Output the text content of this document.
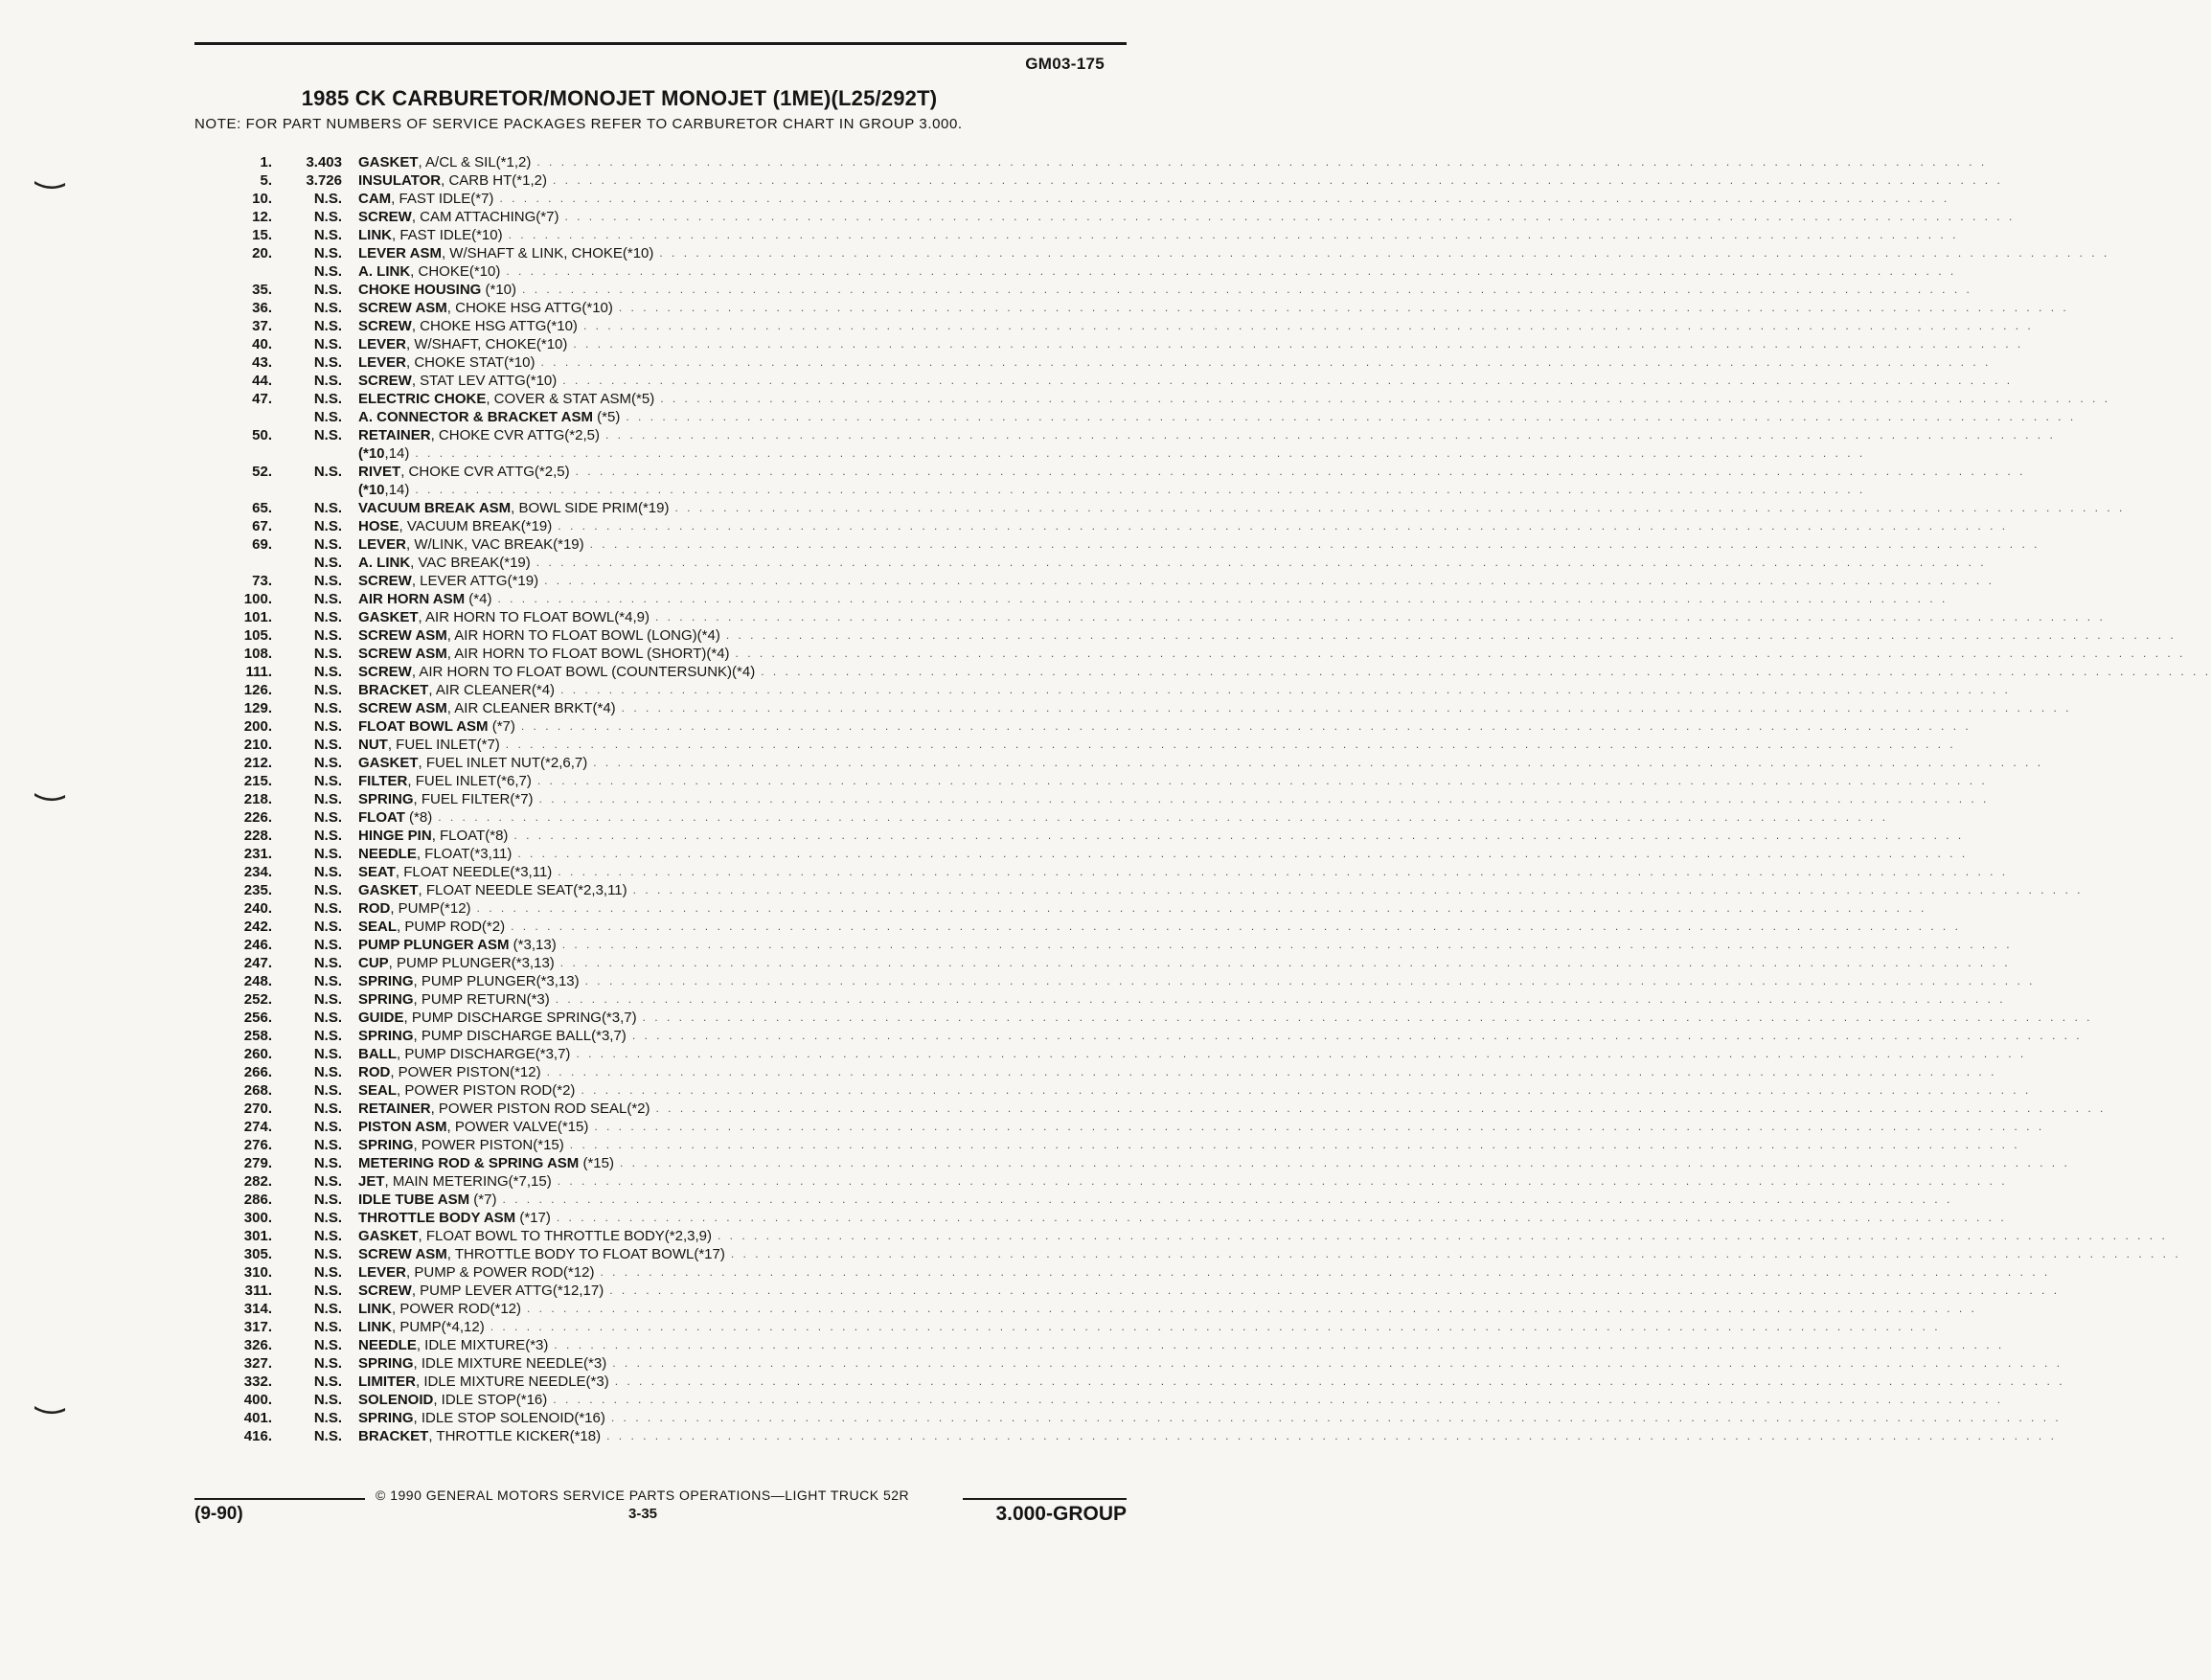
GM03-175
1985 CK CARBURETOR/MONOJET MONOJET (1ME)(L25/292T)
NOTE: FOR PART NUMBERS OF SERVICE PACKAGES REFER TO CARBURETOR CHART IN GROUP 3.000.
1. 3.403 GASKET, A/CL & SIL(*1,2) . . . . . . . . . . . . . . . . . . . . . . . . . . . . . . . . . . . . . . . . . . . . . . . . . . . . . . . . . . . . . . . . . . . . . . . . . . . . . . . . . . . . . . . . . . . . . . . . . . . . . . . . . . . . . . . . . . . . . . . .
5. 3.726 INSULATOR, CARB HT(*1,2) . . . . . . . . . . . . . . . . . . . . . . . . . . . . . . . . . . . . . . . . . . . . . . . . . . . . . . . . . . . . . . . . . . . . . . . . . . . . . . . . . . . . . . . . . . . . . . . . . . . . . . . . . . . . . . . . . . . . . . . .
10.	N.S. CAM, FAST IDLE(*7) . . . . . . . . . . . . . . . . . . . . . . . . . . . . . . . . . . . . . . . . . . . . . . . . . . . . . . . . . . . . . . . . . . . . . . . . . . . . . . . . . . . . . . . . . . . . . . . . . . . . . . . . . . . . . . . . . . . . . . . .
12.	N.S. SCREW, CAM ATTACHING(*7) . . . . . . . . . . . . . . . . . . . . . . . . . . . . . . . . . . . . . . . . . . . . . . . . . . . . . . . . . . . . . . . . . . . . . . . . . . . . . . . . . . . . . . . . . . . . . . . . . . . . . . . . . . . . . . . . . . . . . . . .
15.	N.S. LINK, FAST IDLE(*10) . . . . . . . . . . . . . . . . . . . . . . . . . . . . . . . . . . . . . . . . . . . . . . . . . . . . . . . . . . . . . . . . . . . . . . . . . . . . . . . . . . . . . . . . . . . . . . . . . . . . . . . . . . . . . . . . . . . . . . . .
20.	N.S. LEVER ASM, W/SHAFT & LINK, CHOKE(*10) . . . . . . . . . . . . . . . . . . . . . . . . . . . . . . . . . . . . . . . . . . . . . . . . . . . . . . . . . . . . . . . . . . . . . . . . . . . . . . . . . . . . . . . . . . . . . . . . . . . . . . . . . . . . . . . . . . . . . . . .
N.S. A. LINK, CHOKE(*10) . . . . . . . . . . . . . . . . . . . . . . . . . . . . . . . . . . . . . . . . . . . . . . . . . . . . . . . . . . . . . . . . . . . . . . . . . . . . . . . . . . . . . . . . . . . . . . . . . . . . . . . . . . . . . . . . . . . . . . . .
35.	N.S. CHOKE HOUSING (*10) . . . . . . . . . . . . . . . . . . . . . . . . . . . . . . . . . . . . . . . . . . . . . . . . . . . . . . . . . . . . . . . . . . . . . . . . . . . . . . . . . . . . . . . . . . . . . . . . . . . . . . . . . . . . . . . . . . . . . . . .
36.	N.S. SCREW ASM, CHOKE HSG ATTG(*10) . . . . . . . . . . . . . . . . . . . . . . . . . . . . . . . . . . . . . . . . . . . . . . . . . . . . . . . . . . . . . . . . . . . . . . . . . . . . . . . . . . . . . . . . . . . . . . . . . . . . . . . . . . . . . . . . . . . . . . . .
37.	N.S. SCREW, CHOKE HSG ATTG(*10) . . . . . . . . . . . . . . . . . . . . . . . . . . . . . . . . . . . . . . . . . . . . . . . . . . . . . . . . . . . . . . . . . . . . . . . . . . . . . . . . . . . . . . . . . . . . . . . . . . . . . . . . . . . . . . . . . . . . . . . .
40.	N.S. LEVER, W/SHAFT, CHOKE(*10) . . . . . . . . . . . . . . . . . . . . . . . . . . . . . . . . . . . . . . . . . . . . . . . . . . . . . . . . . . . . . . . . . . . . . . . . . . . . . . . . . . . . . . . . . . . . . . . . . . . . . . . . . . . . . . . . . . . . . . . .
43.	N.S. LEVER, CHOKE STAT(*10) . . . . . . . . . . . . . . . . . . . . . . . . . . . . . . . . . . . . . . . . . . . . . . . . . . . . . . . . . . . . . . . . . . . . . . . . . . . . . . . . . . . . . . . . . . . . . . . . . . . . . . . . . . . . . . . . . . . . . . . .
44.	N.S. SCREW, STAT LEV ATTG(*10) . . . . . . . . . . . . . . . . . . . . . . . . . . . . . . . . . . . . . . . . . . . . . . . . . . . . . . . . . . . . . . . . . . . . . . . . . . . . . . . . . . . . . . . . . . . . . . . . . . . . . . . . . . . . . . . . . . . . . . . .
47.	N.S. ELECTRIC CHOKE, COVER & STAT ASM(*5) . . . . . . . . . . . . . . . . . . . . . . . . . . . . . . . . . . . . . . . . . . . . . . . . . . . . . . . . . . . . . . . . . . . . . . . . . . . . . . . . . . . . . . . . . . . . . . . . . . . . . . . . . . . . . . . . . . . . . . . .
N.S. A. CONNECTOR & BRACKET ASM (*5) . . . . . . . . . . . . . . . . . . . . . . . . . . . . . . . . . . . . . . . . . . . . . . . . . . . . . . . . . . . . . . . . . . . . . . . . . . . . . . . . . . . . . . . . . . . . . . . . . . . . . . . . . . . . . . . . . . . . . . . .
50.	N.S. RETAINER, CHOKE CVR ATTG(*2,5) . . . . . . . . . . . . . . . . . . . . . . . . . . . . . . . . . . . . . . . . . . . . . . . . . . . . . . . . . . . . . . . . . . . . . . . . . . . . . . . . . . . . . . . . . . . . . . . . . . . . . . . . . . . . . . . . . . . . . . . .
(*10,14) . . . . . . . . . . . . . . . . . . . . . . . . . . . . . . . . . . . . . . . . . . . . . . . . . . . . . . . . . . . . . . . . . . . . . . . . . . . . . . . . . . . . . . . . . . . . . . . . . . . . . . . . . . . . . . . . . . . . . . . .
52.	N.S. RIVET, CHOKE CVR ATTG(*2,5) . . . . . . . . . . . . . . . . . . . . . . . . . . . . . . . . . . . . . . . . . . . . . . . . . . . . . . . . . . . . . . . . . . . . . . . . . . . . . . . . . . . . . . . . . . . . . . . . . . . . . . . . . . . . . . . . . . . . . . . .
(*10,14) . . . . . . . . . . . . . . . . . . . . . . . . . . . . . . . . . . . . . . . . . . . . . . . . . . . . . . . . . . . . . . . . . . . . . . . . . . . . . . . . . . . . . . . . . . . . . . . . . . . . . . . . . . . . . . . . . . . . . . . .
65.	N.S. VACUUM BREAK ASM, BOWL SIDE PRIM(*19) . . . . . . . . . . . . . . . . . . . . . . . . . . . . . . . . . . . . . . . . . . . . . . . . . . . . . . . . . . . . . . . . . . . . . . . . . . . . . . . . . . . . . . . . . . . . . . . . . . . . . . . . . . . . . . . . . . . . . . . .
67.	N.S. HOSE, VACUUM BREAK(*19) . . . . . . . . . . . . . . . . . . . . . . . . . . . . . . . . . . . . . . . . . . . . . . . . . . . . . . . . . . . . . . . . . . . . . . . . . . . . . . . . . . . . . . . . . . . . . . . . . . . . . . . . . . . . . . . . . . . . . . . .
69.	N.S. LEVER, W/LINK, VAC BREAK(*19) . . . . . . . . . . . . . . . . . . . . . . . . . . . . . . . . . . . . . . . . . . . . . . . . . . . . . . . . . . . . . . . . . . . . . . . . . . . . . . . . . . . . . . . . . . . . . . . . . . . . . . . . . . . . . . . . . . . . . . . .
N.S. A. LINK, VAC BREAK(*19) . . . . . . . . . . . . . . . . . . . . . . . . . . . . . . . . . . . . . . . . . . . . . . . . . . . . . . . . . . . . . . . . . . . . . . . . . . . . . . . . . . . . . . . . . . . . . . . . . . . . . . . . . . . . . . . . . . . . . . . .
73.	N.S. SCREW, LEVER ATTG(*19) . . . . . . . . . . . . . . . . . . . . . . . . . . . . . . . . . . . . . . . . . . . . . . . . . . . . . . . . . . . . . . . . . . . . . . . . . . . . . . . . . . . . . . . . . . . . . . . . . . . . . . . . . . . . . . . . . . . . . . . .
100.	N.S. AIR HORN ASM (*4) . . . . . . . . . . . . . . . . . . . . . . . . . . . . . . . . . . . . . . . . . . . . . . . . . . . . . . . . . . . . . . . . . . . . . . . . . . . . . . . . . . . . . . . . . . . . . . . . . . . . . . . . . . . . . . . . . . . . . . . .
101.	N.S. GASKET, AIR HORN TO FLOAT BOWL(*4,9) . . . . . . . . . . . . . . . . . . . . . . . . . . . . . . . . . . . . . . . . . . . . . . . . . . . . . . . . . . . . . . . . . . . . . . . . . . . . . . . . . . . . . . . . . . . . . . . . . . . . . . . . . . . . . . . . . . . . . . . .
105.	N.S. SCREW ASM, AIR HORN TO FLOAT BOWL (LONG)(*4) . . . . . . . . . . . . . . . . . . . . . . . . . . . . . . . . . . . . . . . . . . . . . . . . . . . . . . . . . . . . . . . . . . . . . . . . . . . . . . . . . . . . . . . . . . . . . . . . . . . . . . . . . . . . . . . . . . . . . . . .
108.	N.S. SCREW ASM, AIR HORN TO FLOAT BOWL (SHORT)(*4) . . . . . . . . . . . . . . . . . . . . . . . . . . . . . . . . . . . . . . . . . . . . . . . . . . . . . . . . . . . . . . . . . . . . . . . . . . . . . . . . . . . . . . . . . . . . . . . . . . . . . . . . . . . . . . . . . . . . . . . .
111.	N.S. SCREW, AIR HORN TO FLOAT BOWL (COUNTERSUNK)(*4) . . . . . . . . . . . . . . . . . . . . . . . . . . . . . . . . . . . . . . . . . . . . . . . . . . . . . . . . . . . . . . . . . . . . . . . . . . . . . . . . . . . . . . . . . . . . . . . . . . . . . . . . . . . . . . . . . . . . . . . .
126.	N.S. BRACKET, AIR CLEANER(*4) . . . . . . . . . . . . . . . . . . . . . . . . . . . . . . . . . . . . . . . . . . . . . . . . . . . . . . . . . . . . . . . . . . . . . . . . . . . . . . . . . . . . . . . . . . . . . . . . . . . . . . . . . . . . . . . . . . . . . . . .
129.	N.S. SCREW ASM, AIR CLEANER BRKT(*4) . . . . . . . . . . . . . . . . . . . . . . . . . . . . . . . . . . . . . . . . . . . . . . . . . . . . . . . . . . . . . . . . . . . . . . . . . . . . . . . . . . . . . . . . . . . . . . . . . . . . . . . . . . . . . . . . . . . . . . . .
200.	N.S. FLOAT BOWL ASM (*7) . . . . . . . . . . . . . . . . . . . . . . . . . . . . . . . . . . . . . . . . . . . . . . . . . . . . . . . . . . . . . . . . . . . . . . . . . . . . . . . . . . . . . . . . . . . . . . . . . . . . . . . . . . . . . . . . . . . . . . . .
210.	N.S. NUT, FUEL INLET(*7) . . . . . . . . . . . . . . . . . . . . . . . . . . . . . . . . . . . . . . . . . . . . . . . . . . . . . . . . . . . . . . . . . . . . . . . . . . . . . . . . . . . . . . . . . . . . . . . . . . . . . . . . . . . . . . . . . . . . . . . .
212.	N.S. GASKET, FUEL INLET NUT(*2,6,7) . . . . . . . . . . . . . . . . . . . . . . . . . . . . . . . . . . . . . . . . . . . . . . . . . . . . . . . . . . . . . . . . . . . . . . . . . . . . . . . . . . . . . . . . . . . . . . . . . . . . . . . . . . . . . . . . . . . . . . . .
215.	N.S. FILTER, FUEL INLET(*6,7) . . . . . . . . . . . . . . . . . . . . . . . . . . . . . . . . . . . . . . . . . . . . . . . . . . . . . . . . . . . . . . . . . . . . . . . . . . . . . . . . . . . . . . . . . . . . . . . . . . . . . . . . . . . . . . . . . . . . . . . .
218.	N.S. SPRING, FUEL FILTER(*7) . . . . . . . . . . . . . . . . . . . . . . . . . . . . . . . . . . . . . . . . . . . . . . . . . . . . . . . . . . . . . . . . . . . . . . . . . . . . . . . . . . . . . . . . . . . . . . . . . . . . . . . . . . . . . . . . . . . . . . . .
226.	N.S. FLOAT (*8) . . . . . . . . . . . . . . . . . . . . . . . . . . . . . . . . . . . . . . . . . . . . . . . . . . . . . . . . . . . . . . . . . . . . . . . . . . . . . . . . . . . . . . . . . . . . . . . . . . . . . . . . . . . . . . . . . . . . . . . .
228.	N.S. HINGE PIN, FLOAT(*8) . . . . . . . . . . . . . . . . . . . . . . . . . . . . . . . . . . . . . . . . . . . . . . . . . . . . . . . . . . . . . . . . . . . . . . . . . . . . . . . . . . . . . . . . . . . . . . . . . . . . . . . . . . . . . . . . . . . . . . . .
231.	N.S. NEEDLE, FLOAT(*3,11) . . . . . . . . . . . . . . . . . . . . . . . . . . . . . . . . . . . . . . . . . . . . . . . . . . . . . . . . . . . . . . . . . . . . . . . . . . . . . . . . . . . . . . . . . . . . . . . . . . . . . . . . . . . . . . . . . . . . . . . .
234.	N.S. SEAT, FLOAT NEEDLE(*3,11) . . . . . . . . . . . . . . . . . . . . . . . . . . . . . . . . . . . . . . . . . . . . . . . . . . . . . . . . . . . . . . . . . . . . . . . . . . . . . . . . . . . . . . . . . . . . . . . . . . . . . . . . . . . . . . . . . . . . . . . .
235.	N.S. GASKET, FLOAT NEEDLE SEAT(*2,3,11) . . . . . . . . . . . . . . . . . . . . . . . . . . . . . . . . . . . . . . . . . . . . . . . . . . . . . . . . . . . . . . . . . . . . . . . . . . . . . . . . . . . . . . . . . . . . . . . . . . . . . . . . . . . . . . . . . . . . . . . .
240.	N.S. ROD, PUMP(*12) . . . . . . . . . . . . . . . . . . . . . . . . . . . . . . . . . . . . . . . . . . . . . . . . . . . . . . . . . . . . . . . . . . . . . . . . . . . . . . . . . . . . . . . . . . . . . . . . . . . . . . . . . . . . . . . . . . . . . . . .
242.	N.S. SEAL, PUMP ROD(*2) . . . . . . . . . . . . . . . . . . . . . . . . . . . . . . . . . . . . . . . . . . . . . . . . . . . . . . . . . . . . . . . . . . . . . . . . . . . . . . . . . . . . . . . . . . . . . . . . . . . . . . . . . . . . . . . . . . . . . . . .
246.	N.S. PUMP PLUNGER ASM (*3,13) . . . . . . . . . . . . . . . . . . . . . . . . . . . . . . . . . . . . . . . . . . . . . . . . . . . . . . . . . . . . . . . . . . . . . . . . . . . . . . . . . . . . . . . . . . . . . . . . . . . . . . . . . . . . . . . . . . . . . . . .
247.	N.S. CUP, PUMP PLUNGER(*3,13) . . . . . . . . . . . . . . . . . . . . . . . . . . . . . . . . . . . . . . . . . . . . . . . . . . . . . . . . . . . . . . . . . . . . . . . . . . . . . . . . . . . . . . . . . . . . . . . . . . . . . . . . . . . . . . . . . . . . . . . .
248.	N.S. SPRING, PUMP PLUNGER(*3,13) . . . . . . . . . . . . . . . . . . . . . . . . . . . . . . . . . . . . . . . . . . . . . . . . . . . . . . . . . . . . . . . . . . . . . . . . . . . . . . . . . . . . . . . . . . . . . . . . . . . . . . . . . . . . . . . . . . . . . . . .
252.	N.S. SPRING, PUMP RETURN(*3) . . . . . . . . . . . . . . . . . . . . . . . . . . . . . . . . . . . . . . . . . . . . . . . . . . . . . . . . . . . . . . . . . . . . . . . . . . . . . . . . . . . . . . . . . . . . . . . . . . . . . . . . . . . . . . . . . . . . . . . .
256.	N.S. GUIDE, PUMP DISCHARGE SPRING(*3,7) . . . . . . . . . . . . . . . . . . . . . . . . . . . . . . . . . . . . . . . . . . . . . . . . . . . . . . . . . . . . . . . . . . . . . . . . . . . . . . . . . . . . . . . . . . . . . . . . . . . . . . . . . . . . . . . . . . . . . . . .
258.	N.S. SPRING, PUMP DISCHARGE BALL(*3,7) . . . . . . . . . . . . . . . . . . . . . . . . . . . . . . . . . . . . . . . . . . . . . . . . . . . . . . . . . . . . . . . . . . . . . . . . . . . . . . . . . . . . . . . . . . . . . . . . . . . . . . . . . . . . . . . . . . . . . . . .
260.	N.S. BALL, PUMP DISCHARGE(*3,7) . . . . . . . . . . . . . . . . . . . . . . . . . . . . . . . . . . . . . . . . . . . . . . . . . . . . . . . . . . . . . . . . . . . . . . . . . . . . . . . . . . . . . . . . . . . . . . . . . . . . . . . . . . . . . . . . . . . . . . . .
266.	N.S. ROD, POWER PISTON(*12) . . . . . . . . . . . . . . . . . . . . . . . . . . . . . . . . . . . . . . . . . . . . . . . . . . . . . . . . . . . . . . . . . . . . . . . . . . . . . . . . . . . . . . . . . . . . . . . . . . . . . . . . . . . . . . . . . . . . . . . .
268.	N.S. SEAL, POWER PISTON ROD(*2) . . . . . . . . . . . . . . . . . . . . . . . . . . . . . . . . . . . . . . . . . . . . . . . . . . . . . . . . . . . . . . . . . . . . . . . . . . . . . . . . . . . . . . . . . . . . . . . . . . . . . . . . . . . . . . . . . . . . . . . .
270.	N.S. RETAINER, POWER PISTON ROD SEAL(*2) . . . . . . . . . . . . . . . . . . . . . . . . . . . . . . . . . . . . . . . . . . . . . . . . . . . . . . . . . . . . . . . . . . . . . . . . . . . . . . . . . . . . . . . . . . . . . . . . . . . . . . . . . . . . . . . . . . . . . . . .
274.	N.S. PISTON ASM, POWER VALVE(*15) . . . . . . . . . . . . . . . . . . . . . . . . . . . . . . . . . . . . . . . . . . . . . . . . . . . . . . . . . . . . . . . . . . . . . . . . . . . . . . . . . . . . . . . . . . . . . . . . . . . . . . . . . . . . . . . . . . . . . . . .
276.	N.S. SPRING, POWER PISTON(*15) . . . . . . . . . . . . . . . . . . . . . . . . . . . . . . . . . . . . . . . . . . . . . . . . . . . . . . . . . . . . . . . . . . . . . . . . . . . . . . . . . . . . . . . . . . . . . . . . . . . . . . . . . . . . . . . . . . . . . . . .
279.	N.S. METERING ROD & SPRING ASM (*15) . . . . . . . . . . . . . . . . . . . . . . . . . . . . . . . . . . . . . . . . . . . . . . . . . . . . . . . . . . . . . . . . . . . . . . . . . . . . . . . . . . . . . . . . . . . . . . . . . . . . . . . . . . . . . . . . . . . . . . . .
282.	N.S. JET, MAIN METERING(*7,15) . . . . . . . . . . . . . . . . . . . . . . . . . . . . . . . . . . . . . . . . . . . . . . . . . . . . . . . . . . . . . . . . . . . . . . . . . . . . . . . . . . . . . . . . . . . . . . . . . . . . . . . . . . . . . . . . . . . . . . . .
286.	N.S. IDLE TUBE ASM (*7) . . . . . . . . . . . . . . . . . . . . . . . . . . . . . . . . . . . . . . . . . . . . . . . . . . . . . . . . . . . . . . . . . . . . . . . . . . . . . . . . . . . . . . . . . . . . . . . . . . . . . . . . . . . . . . . . . . . . . . . .
300.	N.S. THROTTLE BODY ASM (*17) . . . . . . . . . . . . . . . . . . . . . . . . . . . . . . . . . . . . . . . . . . . . . . . . . . . . . . . . . . . . . . . . . . . . . . . . . . . . . . . . . . . . . . . . . . . . . . . . . . . . . . . . . . . . . . . . . . . . . . . .
301.	N.S. GASKET, FLOAT BOWL TO THROTTLE BODY(*2,3,9) . . . . . . . . . . . . . . . . . . . . . . . . . . . . . . . . . . . . . . . . . . . . . . . . . . . . . . . . . . . . . . . . . . . . . . . . . . . . . . . . . . . . . . . . . . . . . . . . . . . . . . . . . . . . . . . . . . . . . . . .
305.	N.S. SCREW ASM, THROTTLE BODY TO FLOAT BOWL(*17) . . . . . . . . . . . . . . . . . . . . . . . . . . . . . . . . . . . . . . . . . . . . . . . . . . . . . . . . . . . . . . . . . . . . . . . . . . . . . . . . . . . . . . . . . . . . . . . . . . . . . . . . . . . . . . . . . . . . . . . .
310.	N.S. LEVER, PUMP & POWER ROD(*12) . . . . . . . . . . . . . . . . . . . . . . . . . . . . . . . . . . . . . . . . . . . . . . . . . . . . . . . . . . . . . . . . . . . . . . . . . . . . . . . . . . . . . . . . . . . . . . . . . . . . . . . . . . . . . . . . . . . . . . . .
311.	N.S. SCREW, PUMP LEVER ATTG(*12,17) . . . . . . . . . . . . . . . . . . . . . . . . . . . . . . . . . . . . . . . . . . . . . . . . . . . . . . . . . . . . . . . . . . . . . . . . . . . . . . . . . . . . . . . . . . . . . . . . . . . . . . . . . . . . . . . . . . . . . . . .
314.	N.S. LINK, POWER ROD(*12) . . . . . . . . . . . . . . . . . . . . . . . . . . . . . . . . . . . . . . . . . . . . . . . . . . . . . . . . . . . . . . . . . . . . . . . . . . . . . . . . . . . . . . . . . . . . . . . . . . . . . . . . . . . . . . . . . . . . . . . .
317.	N.S. LINK, PUMP(*4,12) . . . . . . . . . . . . . . . . . . . . . . . . . . . . . . . . . . . . . . . . . . . . . . . . . . . . . . . . . . . . . . . . . . . . . . . . . . . . . . . . . . . . . . . . . . . . . . . . . . . . . . . . . . . . . . . . . . . . . . . .
326.	N.S. NEEDLE, IDLE MIXTURE(*3) . . . . . . . . . . . . . . . . . . . . . . . . . . . . . . . . . . . . . . . . . . . . . . . . . . . . . . . . . . . . . . . . . . . . . . . . . . . . . . . . . . . . . . . . . . . . . . . . . . . . . . . . . . . . . . . . . . . . . . . .
327.	N.S. SPRING, IDLE MIXTURE NEEDLE(*3) . . . . . . . . . . . . . . . . . . . . . . . . . . . . . . . . . . . . . . . . . . . . . . . . . . . . . . . . . . . . . . . . . . . . . . . . . . . . . . . . . . . . . . . . . . . . . . . . . . . . . . . . . . . . . . . . . . . . . . . .
332.	N.S. LIMITER, IDLE MIXTURE NEEDLE(*3) . . . . . . . . . . . . . . . . . . . . . . . . . . . . . . . . . . . . . . . . . . . . . . . . . . . . . . . . . . . . . . . . . . . . . . . . . . . . . . . . . . . . . . . . . . . . . . . . . . . . . . . . . . . . . . . . . . . . . . . .
400.	N.S. SOLENOID, IDLE STOP(*16) . . . . . . . . . . . . . . . . . . . . . . . . . . . . . . . . . . . . . . . . . . . . . . . . . . . . . . . . . . . . . . . . . . . . . . . . . . . . . . . . . . . . . . . . . . . . . . . . . . . . . . . . . . . . . . . . . . . . . . . .
401.	N.S. SPRING, IDLE STOP SOLENOID(*16) . . . . . . . . . . . . . . . . . . . . . . . . . . . . . . . . . . . . . . . . . . . . . . . . . . . . . . . . . . . . . . . . . . . . . . . . . . . . . . . . . . . . . . . . . . . . . . . . . . . . . . . . . . . . . . . . . . . . . . . .
416.	N.S. BRACKET, THROTTLE KICKER(*18) . . . . . . . . . . . . . . . . . . . . . . . . . . . . . . . . . . . . . . . . . . . . . . . . . . . . . . . . . . . . . . . . . . . . . . . . . . . . . . . . . . . . . . . . . . . . . . . . . . . . . . . . . . . . . . . . . . . . . . . .
© 1990 GENERAL MOTORS SERVICE PARTS OPERATIONS—LIGHT TRUCK 52R
(9-90)	3-35	3.000-GROUP
